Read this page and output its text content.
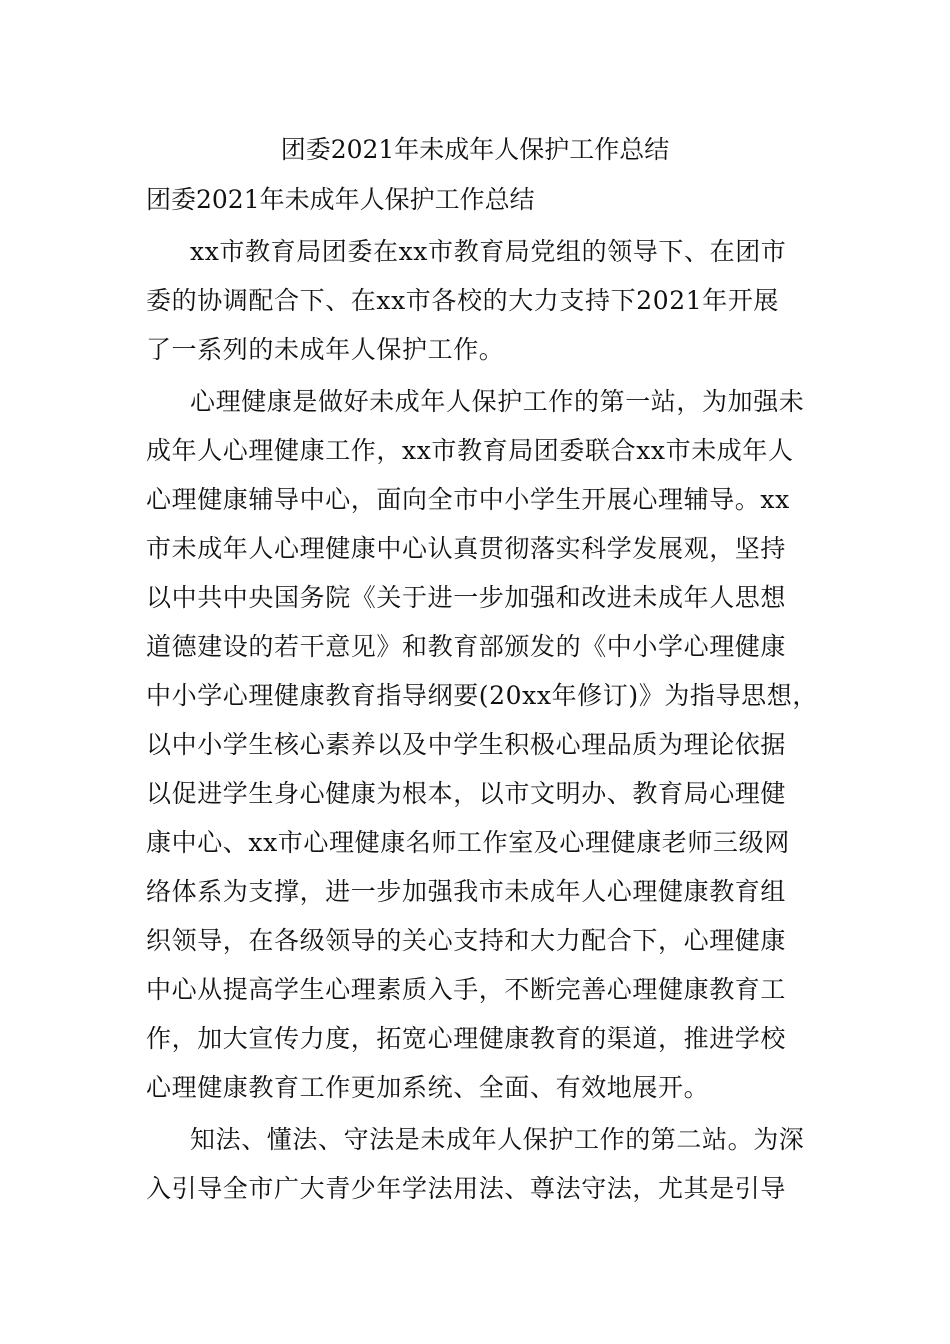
团委2021年未成年人保护工作总结
团委2021年未成年人保护工作总结
xx市教育局团委在xx市教育局党组的领导下、在团市
委的协调配合下、在xx市各校的大力支持下2021年开展
了一系列的未成年人保护工作。
心理健康是做好未成年人保护工作的第一站，为加强未
成年人心理健康工作，xx市教育局团委联合xx市未成年人
心理健康辅导中心，面向全市中小学生开展心理辅导。xx
市未成年人心理健康中心认真贯彻落实科学发展观，坚持
以中共中央国务院《关于进一步加强和改进未成年人思想
道德建设的若干意见》和教育部颁发的《中小学心理健康
中小学心理健康教育指导纲要(20xx年修订)》为指导思想，
以中小学生核心素养以及中学生积极心理品质为理论依据
以促进学生身心健康为根本，以市文明办、教育局心理健
康中心、xx市心理健康名师工作室及心理健康老师三级网
络体系为支撑，进一步加强我市未成年人心理健康教育组
织领导，在各级领导的关心支持和大力配合下，心理健康
中心从提高学生心理素质入手，不断完善心理健康教育工
作，加大宣传力度，拓宽心理健康教育的渠道，推进学校
心理健康教育工作更加系统、全面、有效地展开。
知法、懂法、守法是未成年人保护工作的第二站。为深
入引导全市广大青少年学法用法、尊法守法，尤其是引导
